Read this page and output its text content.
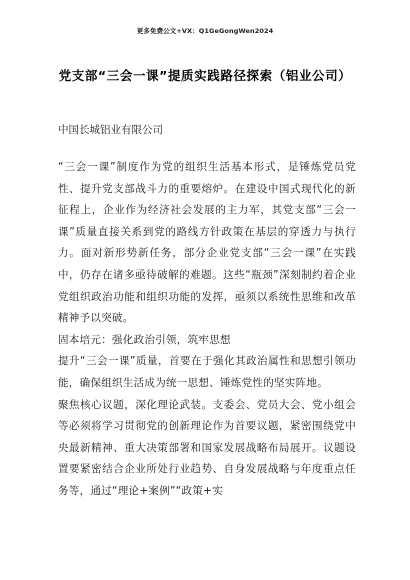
更多免费公文+VX：Q1GeGongWen2024
党支部“三会一课”提质实践路径探索（铝业公司）
中国长城铝业有限公司

“三会一课”制度作为党的组织生活基本形式，是锤炼党员党性、提升党支部战斗力的重要熔炉。在建设中国式现代化的新征程上，企业作为经济社会发展的主力军，其党支部“三会一课”质量直接关系到党的路线方针政策在基层的穿透力与执行力。面对新形势新任务，部分企业党支部“三会一课”在实践中，仍存在诸多亟待破解的难题。这些“瓶颈”深刻制约着企业党组织政治功能和组织功能的发挥，亟须以系统性思维和改革精神予以突破。

固本培元：强化政治引领，筑牢思想

提升“三会一课”质量，首要在于强化其政治属性和思想引领功能，确保组织生活成为统一思想、锤炼党性的坚实阵地。

聚焦核心议题，深化理论武装。支委会、党员大会、党小组会等必须将学习贯彻党的创新理论作为首要议题，紧密围绕党中央最新精神、重大决策部署和国家发展战略布局展开。议题设置要紧密结合企业所处行业趋势、自身发展战略与年度重点任务等，通过“理论+案例”“政策+实
